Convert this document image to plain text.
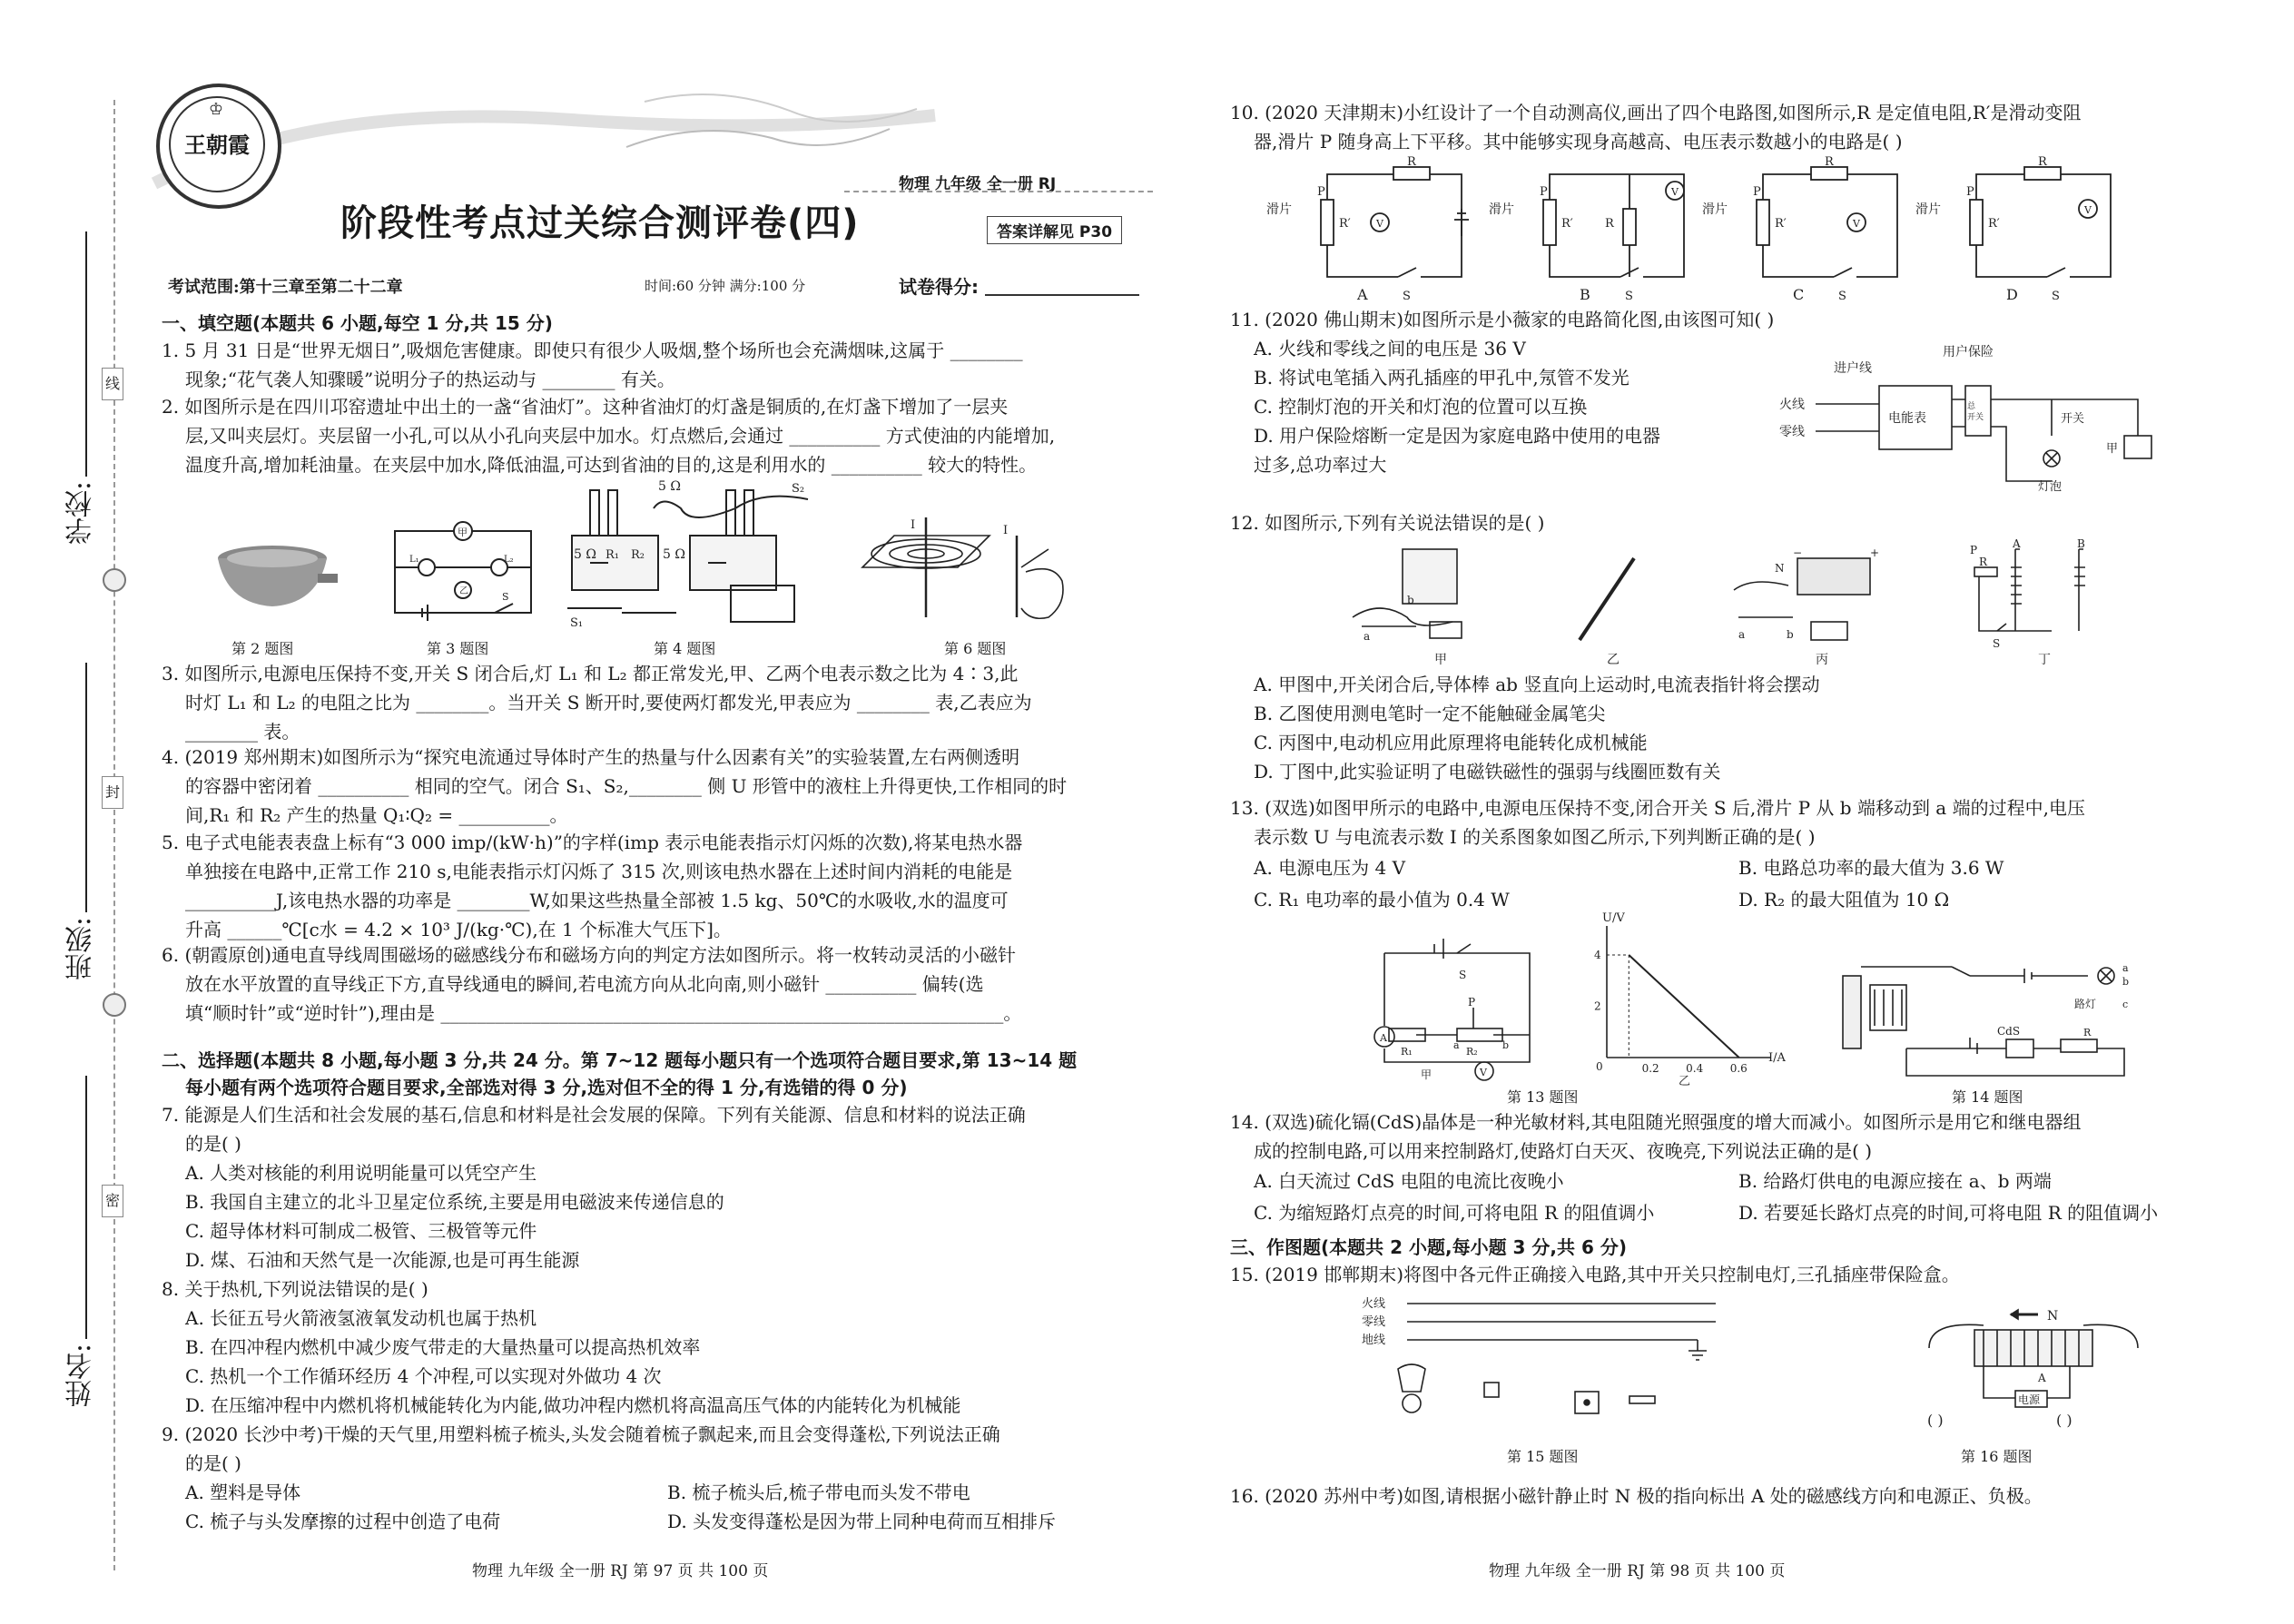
学校:
班级:
姓名:
线
封
密
♔
王朝霞
物理 九年级 全一册 RJ
阶段性考点过关综合测评卷(四)	答案详解见 P30
考试范围:第十三章至第二十二章	时间:60 分钟 满分:100 分	试卷得分:
一、填空题(本题共 6 小题,每空 1 分,共 15 分)
1. 5 月 31 日是“世界无烟日”,吸烟危害健康。即使只有很少人吸烟,整个场所也会充满烟味,这属于 ________
现象;“花气袭人知骤暖”说明分子的热运动与 ________ 有关。
2. 如图所示是在四川邛窑遗址中出土的一盏“省油灯”。这种省油灯的灯盏是铜质的,在灯盏下增加了一层夹
层,又叫夹层灯。夹层留一小孔,可以从小孔向夹层中加水。灯点燃后,会通过 __________ 方式使油的内能增加,
温度升高,增加耗油量。在夹层中加水,降低油温,可达到省油的目的,这是利用水的 __________ 较大的特性。
第 2 题图
甲
L₁	L₂
乙	S
第 3 题图
5 Ω R₁
5 Ω
R₂ 5 Ω
S₂
S₁
第 4 题图
I	I
第 6 题图
3. 如图所示,电源电压保持不变,开关 S 闭合后,灯 L₁ 和 L₂ 都正常发光,甲、乙两个电表示数之比为 4∶3,此
时灯 L₁ 和 L₂ 的电阻之比为 ________。当开关 S 断开时,要使两灯都发光,甲表应为 ________ 表,乙表应为
________ 表。
4. (2019 郑州期末)如图所示为“探究电流通过导体时产生的热量与什么因素有关”的实验装置,左右两侧透明
的容器中密闭着 __________ 相同的空气。闭合 S₁、S₂,________ 侧 U 形管中的液柱上升得更快,工作相同的时
间,R₁ 和 R₂ 产生的热量 Q₁∶Q₂ = __________。
5. 电子式电能表表盘上标有“3 000 imp/(kW·h)”的字样(imp 表示电能表指示灯闪烁的次数),将某电热水器
单独接在电路中,正常工作 210 s,电能表指示灯闪烁了 315 次,则该电热水器在上述时间内消耗的电能是
__________J,该电热水器的功率是 ________W,如果这些热量全部被 1.5 kg、50℃的水吸收,水的温度可
升高 ______℃[c水 = 4.2 × 10³ J/(kg·℃),在 1 个标准大气压下]。
6. (朝霞原创)通电直导线周围磁场的磁感线分布和磁场方向的判定方法如图所示。将一枚转动灵活的小磁针
放在水平放置的直导线正下方,直导线通电的瞬间,若电流方向从北向南,则小磁针 __________ 偏转(选
填“顺时针”或“逆时针”),理由是 ______________________________________________________________。
二、选择题(本题共 8 小题,每小题 3 分,共 24 分。第 7~12 题每小题只有一个选项符合题目要求,第 13~14 题
每小题有两个选项符合题目要求,全部选对得 3 分,选对但不全的得 1 分,有选错的得 0 分)
7. 能源是人们生活和社会发展的基石,信息和材料是社会发展的保障。下列有关能源、信息和材料的说法正确
的是( )
A. 人类对核能的利用说明能量可以凭空产生
B. 我国自主建立的北斗卫星定位系统,主要是用电磁波来传递信息的
C. 超导体材料可制成二极管、三极管等元件
D. 煤、石油和天然气是一次能源,也是可再生能源
8. 关于热机,下列说法错误的是( )
A. 长征五号火箭液氢液氧发动机也属于热机
B. 在四冲程内燃机中减少废气带走的大量热量可以提高热机效率
C. 热机一个工作循环经历 4 个冲程,可以实现对外做功 4 次
D. 在压缩冲程中内燃机将机械能转化为内能,做功冲程内燃机将高温高压气体的内能转化为机械能
9. (2020 长沙中考)干燥的天气里,用塑料梳子梳头,头发会随着梳子飘起来,而且会变得蓬松,下列说法正确
的是( )
A. 塑料是导体	B. 梳子梳头后,梳子带电而头发不带电
C. 梳子与头发摩擦的过程中创造了电荷	D. 头发变得蓬松是因为带上同种电荷而互相排斥
物理 九年级 全一册 RJ 第 97 页 共 100 页
10. (2020 天津期末)小红设计了一个自动测高仪,画出了四个电路图,如图所示,R 是定值电阻,R′是滑动变阻
器,滑片 P 随身高上下平移。其中能够实现身高越高、电压表示数越小的电路是( )
滑片
P
R′
R
V
S
A
滑片
P
R′	R
V
S
B
滑片
P
R′
R
V
S
C
滑片
P
R′
R
V
S
D
11. (2020 佛山期末)如图所示是小薇家的电路简化图,由该图可知( )
A. 火线和零线之间的电压是 36 V
B. 将试电笔插入两孔插座的甲孔中,氖管不发光
C. 控制灯泡的开关和灯泡的位置可以互换
D. 用户保险熔断一定是因为家庭电路中使用的电器
过多,总功率过大
进户线
用户保险
火线
零线
电能表
总
开关
甲
开关
灯泡
12. 如图所示,下列有关说法错误的是( )
a
b
甲	乙
N
−	+
a	b
丙
P
R
A	B
S
丁
A. 甲图中,开关闭合后,导体棒 ab 竖直向上运动时,电流表指针将会摆动
B. 乙图使用测电笔时一定不能触碰金属笔尖
C. 丙图中,电动机应用此原理将电能转化成机械能
D. 丁图中,此实验证明了电磁铁磁性的强弱与线圈匝数有关
13. (双选)如图甲所示的电路中,电源电压保持不变,闭合开关 S 后,滑片 P 从 b 端移动到 a 端的过程中,电压
表示数 U 与电流表示数 I 的关系图象如图乙所示,下列判断正确的是( )
A. 电源电压为 4 V	B. 电路总功率的最大值为 3.6 W
C. R₁ 电功率的最小值为 0.4 W	D. R₂ 的最大阻值为 10 Ω
S
A
R₁	R₂
a	b
P
V
甲
I/A
U/V
0	0.2 0.4 0.6
2
4
乙
第 13 题图
a
b
c
路灯
CdS	R
第 14 题图
14. (双选)硫化镉(CdS)晶体是一种光敏材料,其电阻随光照强度的增大而减小。如图所示是用它和继电器组
成的控制电路,可以用来控制路灯,使路灯白天灭、夜晚亮,下列说法正确的是( )
A. 白天流过 CdS 电阻的电流比夜晚小	B. 给路灯供电的电源应接在 a、b 两端
C. 为缩短路灯点亮的时间,可将电阻 R 的阻值调小	D. 若要延长路灯点亮的时间,可将电阻 R 的阻值调小
三、作图题(本题共 2 小题,每小题 3 分,共 6 分)
15. (2019 邯郸期末)将图中各元件正确接入电路,其中开关只控制电灯,三孔插座带保险盒。
火线
零线
地线
第 15 题图
N
A
电源
( )	( )
第 16 题图
16. (2020 苏州中考)如图,请根据小磁针静止时 N 极的指向标出 A 处的磁感线方向和电源正、负极。
物理 九年级 全一册 RJ 第 98 页 共 100 页
